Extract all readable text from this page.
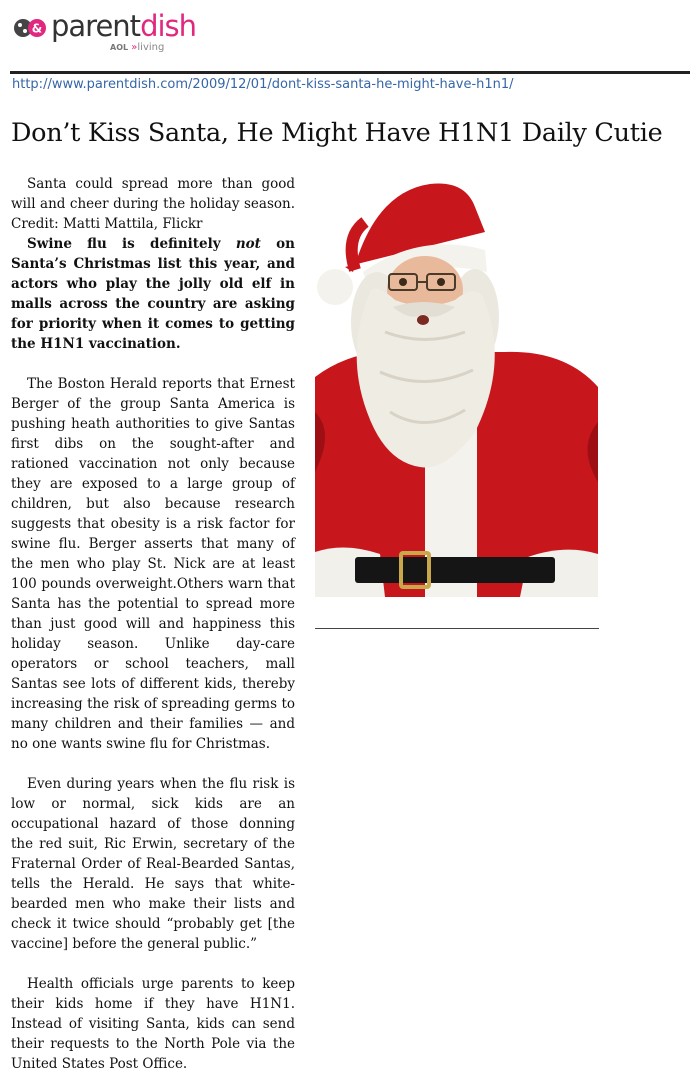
& parentdish
AOL »living
http://www.parentdish.com/2009/12/01/dont-kiss-santa-he-might-have-h1n1/
Don’t Kiss Santa, He Might Have H1N1 Daily Cutie

Santa could spread more than good will and cheer during the holiday season. Credit: Matti Mattila, Flickr

Swine flu is definitely not on Santa’s Christmas list this year, and actors who play the jolly old elf in malls across the country are asking for priority when it comes to getting the H1N1 vaccination.

The Boston Herald reports that Ernest Berger of the group Santa America is pushing heath authorities to give Santas first dibs on the sought-after and rationed vaccination not only because they are exposed to a large group of children, but also because research suggests that obesity is a risk factor for swine flu. Berger asserts that many of the men who play St. Nick are at least 100 pounds overweight.Others warn that Santa has the potential to spread more than just good will and happiness this holiday season. Unlike day-care operators or school teachers, mall Santas see lots of different kids, thereby increasing the risk of spreading germs to many children and their families — and no one wants swine flu for Christmas.

Even during years when the flu risk is low or normal, sick kids are an occupational hazard of those donning the red suit, Ric Erwin, secretary of the Fraternal Order of Real-Bearded Santas, tells the Herald. He says that white-bearded men who make their lists and check it twice should “probably get [the vaccine] before the general public.”

Health officials urge parents to keep their kids home if they have H1N1. Instead of visiting Santa, kids can send their requests to the North Pole via the United States Post Office.
